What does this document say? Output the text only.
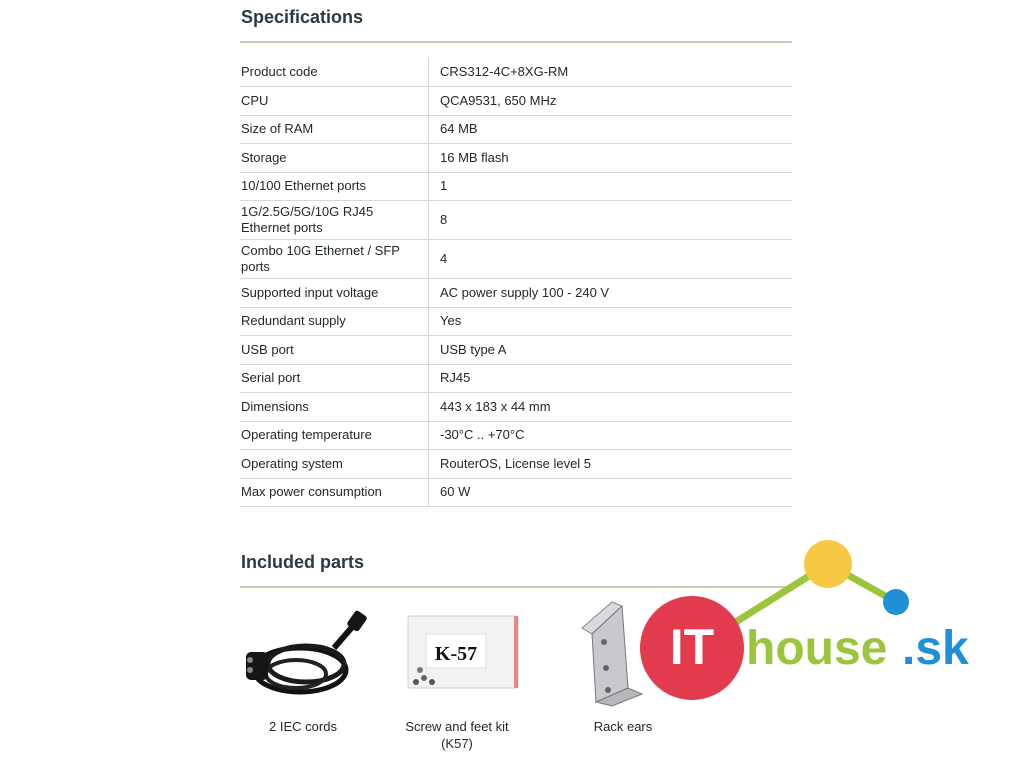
Specifications
Product code	CRS312-4C+8XG-RM
CPU	QCA9531, 650 MHz
Size of RAM	64 MB
Storage	16 MB flash
10/100 Ethernet ports	1
1G/2.5G/5G/10G RJ45 Ethernet ports	8
Combo 10G Ethernet / SFP ports	4
Supported input voltage	AC power supply 100 - 240 V
Redundant supply	Yes
USB port	USB type A
Serial port	RJ45
Dimensions	443 x 183 x 44 mm
Operating temperature	-30°C .. +70°C
Operating system	RouterOS, License level 5
Max power consumption	60 W
Included parts
K-57
2 IEC cords	Screw and feet kit (K57)
Rack ears
IT house .sk
